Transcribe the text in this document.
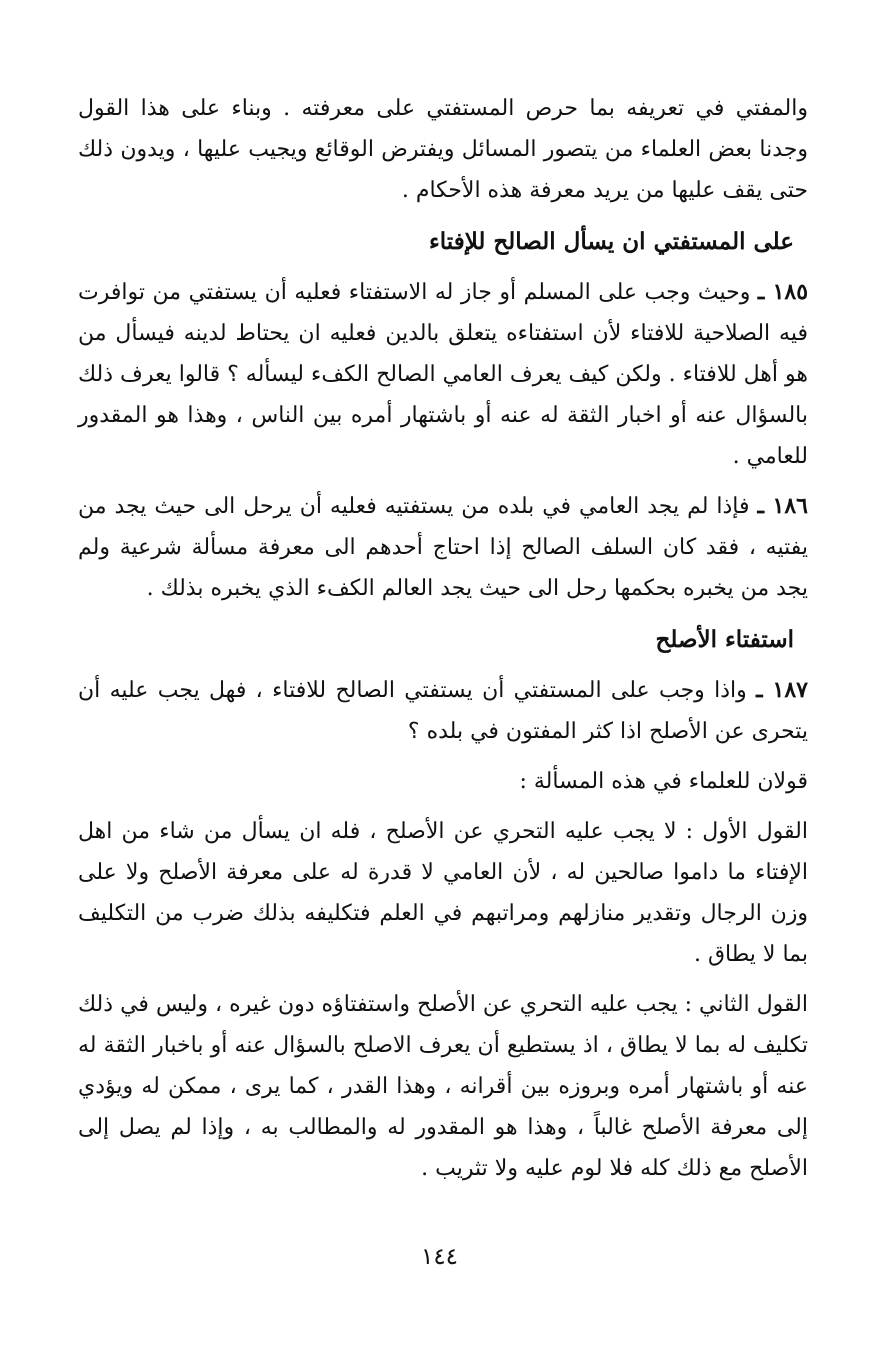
والمفتي في تعريفه بما حرص المستفتي على معرفته . وبناء على هذا القول وجدنا بعض العلماء من يتصور المسائل ويفترض الوقائع ويجيب عليها ، ويدون ذلك حتى يقف عليها من يريد معرفة هذه الأحكام .

على المستفتي ان يسأل الصالح للإفتاء

١٨٥ ـ وحيث وجب على المسلم أو جاز له الاستفتاء فعليه أن يستفتي من توافرت فيه الصلاحية للافتاء لأن استفتاءه يتعلق بالدين فعليه ان يحتاط لدينه فيسأل من هو أهل للافتاء . ولكن كيف يعرف العامي الصالح الكفء ليسأله ؟ قالوا يعرف ذلك بالسؤال عنه أو اخبار الثقة له عنه أو باشتهار أمره بين الناس ، وهذا هو المقدور للعامي .

١٨٦ ـ فإذا لم يجد العامي في بلده من يستفتيه فعليه أن يرحل الى حيث يجد من يفتيه ، فقد كان السلف الصالح إذا احتاج أحدهم الى معرفة مسألة شرعية ولم يجد من يخبره بحكمها رحل الى حيث يجد العالم الكفء الذي يخبره بذلك .

استفتاء الأصلح

١٨٧ ـ واذا وجب على المستفتي أن يستفتي الصالح للافتاء ، فهل يجب عليه أن يتحرى عن الأصلح اذا كثر المفتون في بلده ؟

قولان للعلماء في هذه المسألة :

القول الأول : لا يجب عليه التحري عن الأصلح ، فله ان يسأل من شاء من اهل الإفتاء ما داموا صالحين له ، لأن العامي لا قدرة له على معرفة الأصلح ولا على وزن الرجال وتقدير منازلهم ومراتبهم في العلم فتكليفه بذلك ضرب من التكليف بما لا يطاق .

القول الثاني : يجب عليه التحري عن الأصلح واستفتاؤه دون غيره ، وليس في ذلك تكليف له بما لا يطاق ، اذ يستطيع أن يعرف الاصلح بالسؤال عنه أو باخبار الثقة له عنه أو باشتهار أمره وبروزه بين أقرانه ، وهذا القدر ، كما يرى ، ممكن له ويؤدي إلى معرفة الأصلح غالباً ، وهذا هو المقدور له والمطالب به ، وإذا لم يصل إلى الأصلح مع ذلك كله فلا لوم عليه ولا تثريب .

١٤٤
